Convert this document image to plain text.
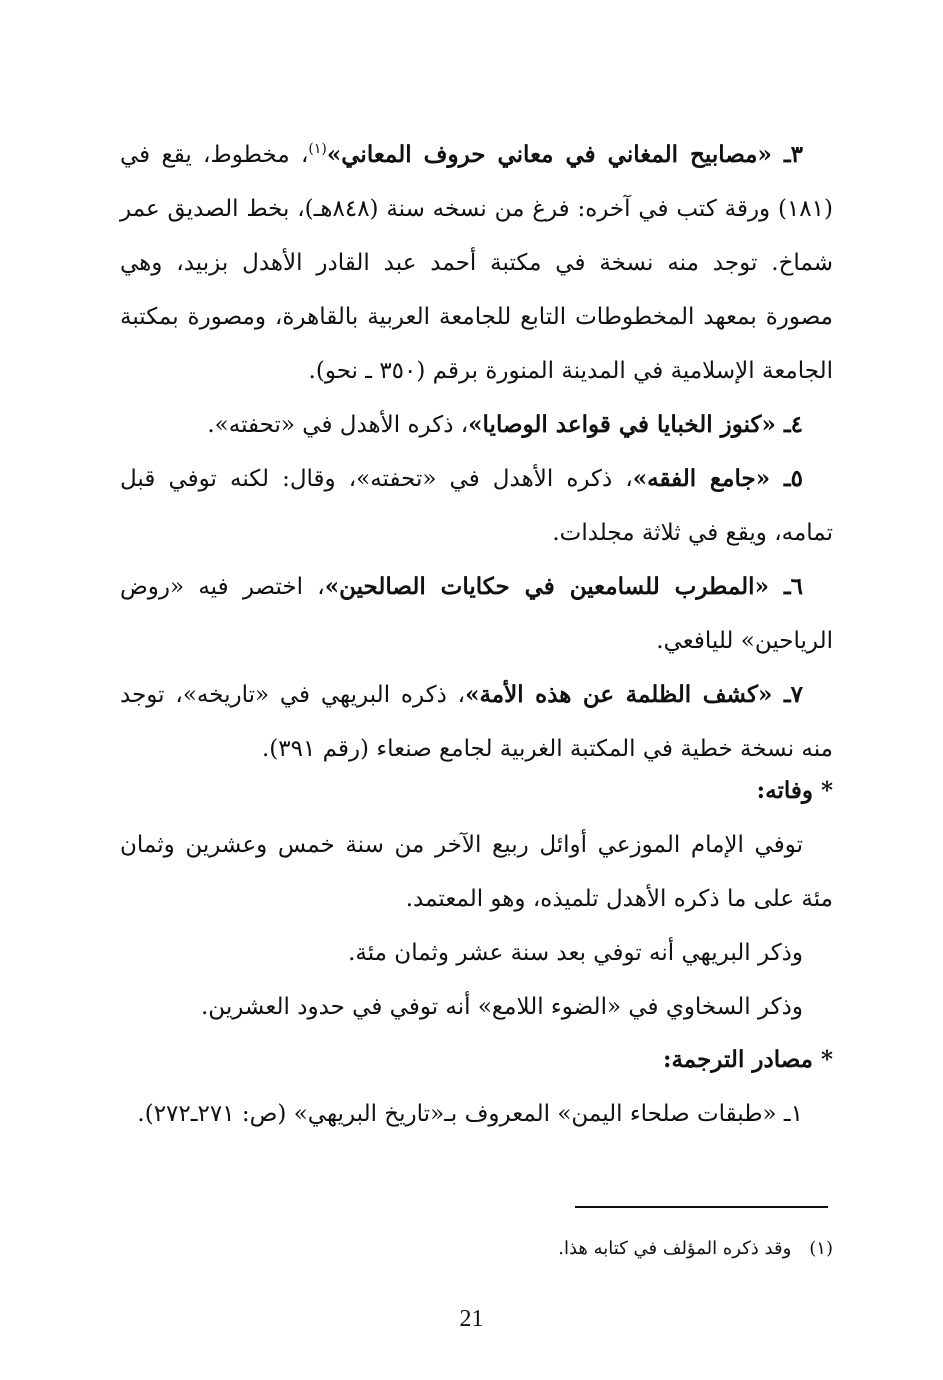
٣ـ «مصابيح المغاني في معاني حروف المعاني»$^{(١)}$، مخطوط، يقع في (١٨١) ورقة كتب في آخره: فرغ من نسخه سنة (٨٤٨هـ)، بخط الصديق عمر شماخ. توجد منه نسخة في مكتبة أحمد عبد القادر الأهدل بزبيد، وهي مصورة بمعهد المخطوطات التابع للجامعة العربية بالقاهرة، ومصورة بمكتبة الجامعة الإسلامية في المدينة المنورة برقم (٣٥٠ ـ نحو).

٤ـ «كنوز الخبايا في قواعد الوصايا»، ذكره الأهدل في «تحفته».

٥ـ «جامع الفقه»، ذكره الأهدل في «تحفته»، وقال: لكنه توفي قبل تمامه، ويقع في ثلاثة مجلدات.

٦ـ «المطرب للسامعين في حكايات الصالحين»، اختصر فيه «روض الرياحين» لليافعي.

٧ـ «كشف الظلمة عن هذه الأمة»، ذكره البريهي في «تاريخه»، توجد منه نسخة خطية في المكتبة الغربية لجامع صنعاء (رقم ٣٩١).

* وفاته:

توفي الإمام الموزعي أوائل ربيع الآخر من سنة خمس وعشرين وثمان مئة على ما ذكره الأهدل تلميذه، وهو المعتمد.

وذكر البريهي أنه توفي بعد سنة عشر وثمان مئة.

وذكر السخاوي في «الضوء اللامع» أنه توفي في حدود العشرين.

* مصادر الترجمة:

١ـ «طبقات صلحاء اليمن» المعروف بـ«تاريخ البريهي» (ص: ٢٧١ـ٢٧٢).

(١)وقد ذكره المؤلف في كتابه هذا.
21
